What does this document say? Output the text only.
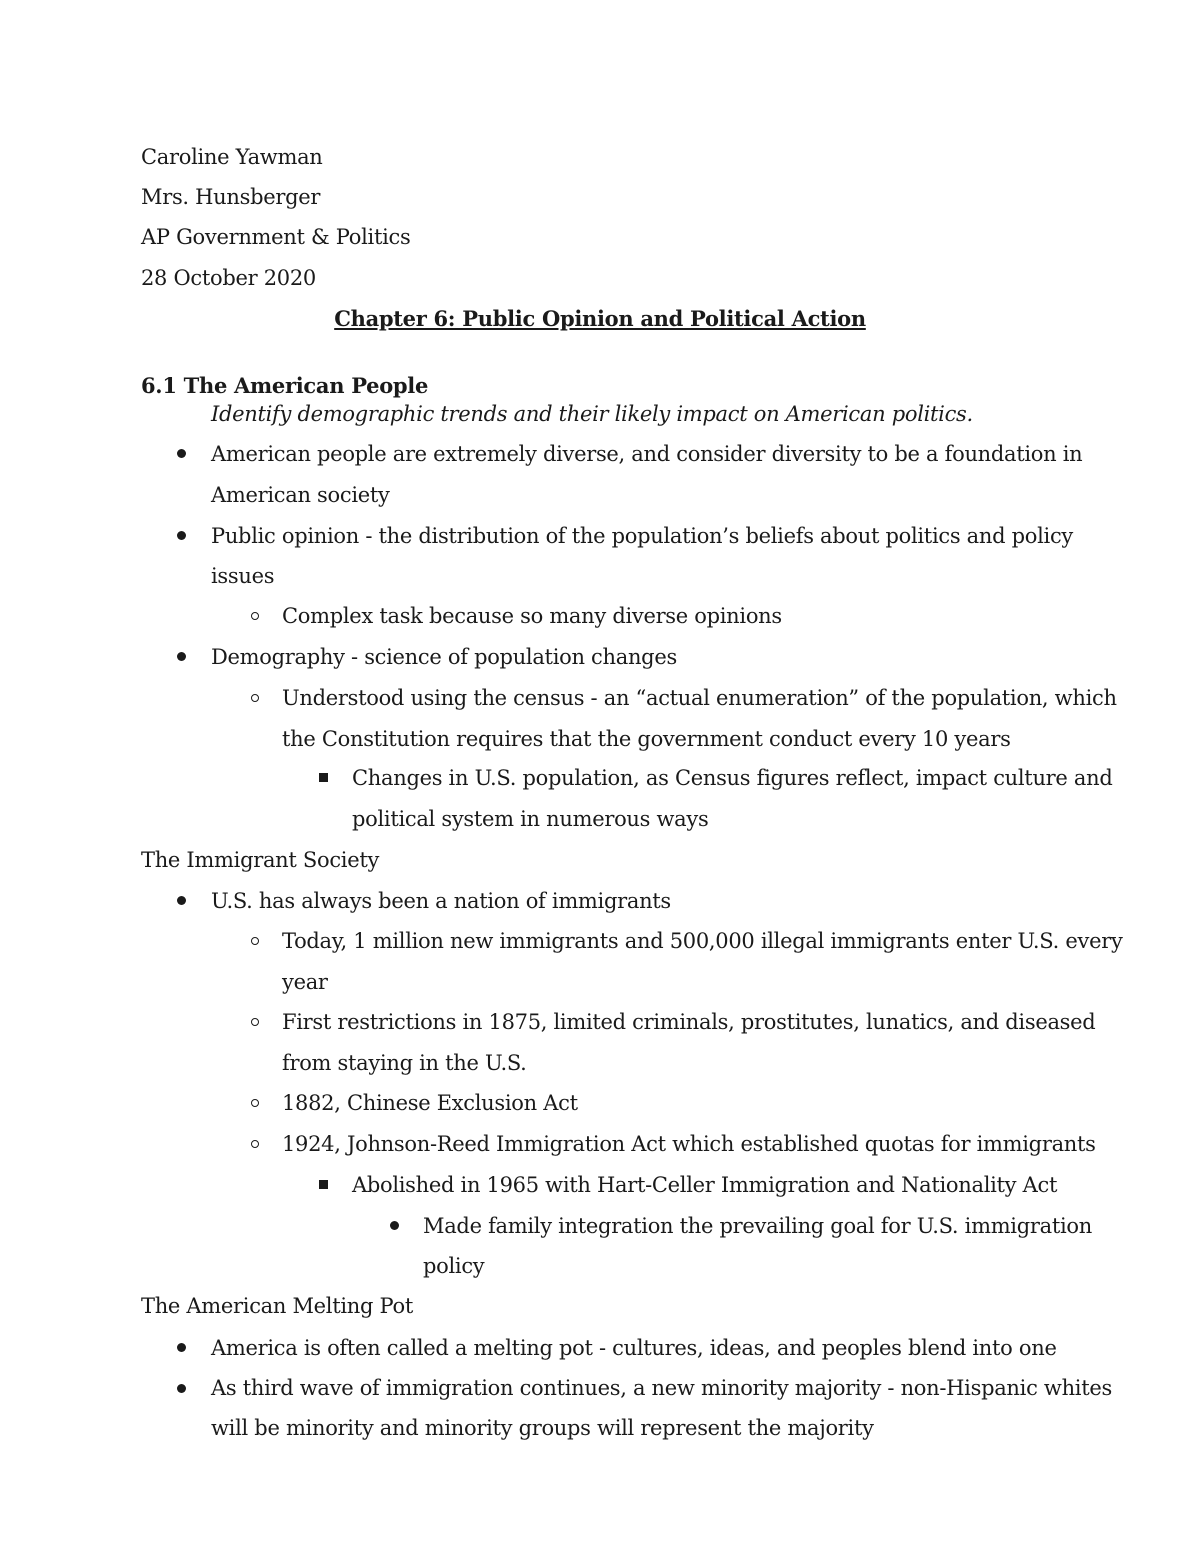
Caroline Yawman
Mrs. Hunsberger
AP Government & Politics
28 October 2020
Chapter 6: Public Opinion and Political Action
6.1 The American People
Identify demographic trends and their likely impact on American politics.
American people are extremely diverse, and consider diversity to be a foundation in
American society
Public opinion - the distribution of the population’s beliefs about politics and policy
issues
Complex task because so many diverse opinions
Demography - science of population changes
Understood using the census - an “actual enumeration” of the population, which
the Constitution requires that the government conduct every 10 years
Changes in U.S. population, as Census figures reflect, impact culture and
political system in numerous ways
The Immigrant Society
U.S. has always been a nation of immigrants
Today, 1 million new immigrants and 500,000 illegal immigrants enter U.S. every
year
First restrictions in 1875, limited criminals, prostitutes, lunatics, and diseased
from staying in the U.S.
1882, Chinese Exclusion Act
1924, Johnson-Reed Immigration Act which established quotas for immigrants
Abolished in 1965 with Hart-Celler Immigration and Nationality Act
Made family integration the prevailing goal for U.S. immigration
policy
The American Melting Pot
America is often called a melting pot - cultures, ideas, and peoples blend into one
As third wave of immigration continues, a new minority majority - non-Hispanic whites
will be minority and minority groups will represent the majority
